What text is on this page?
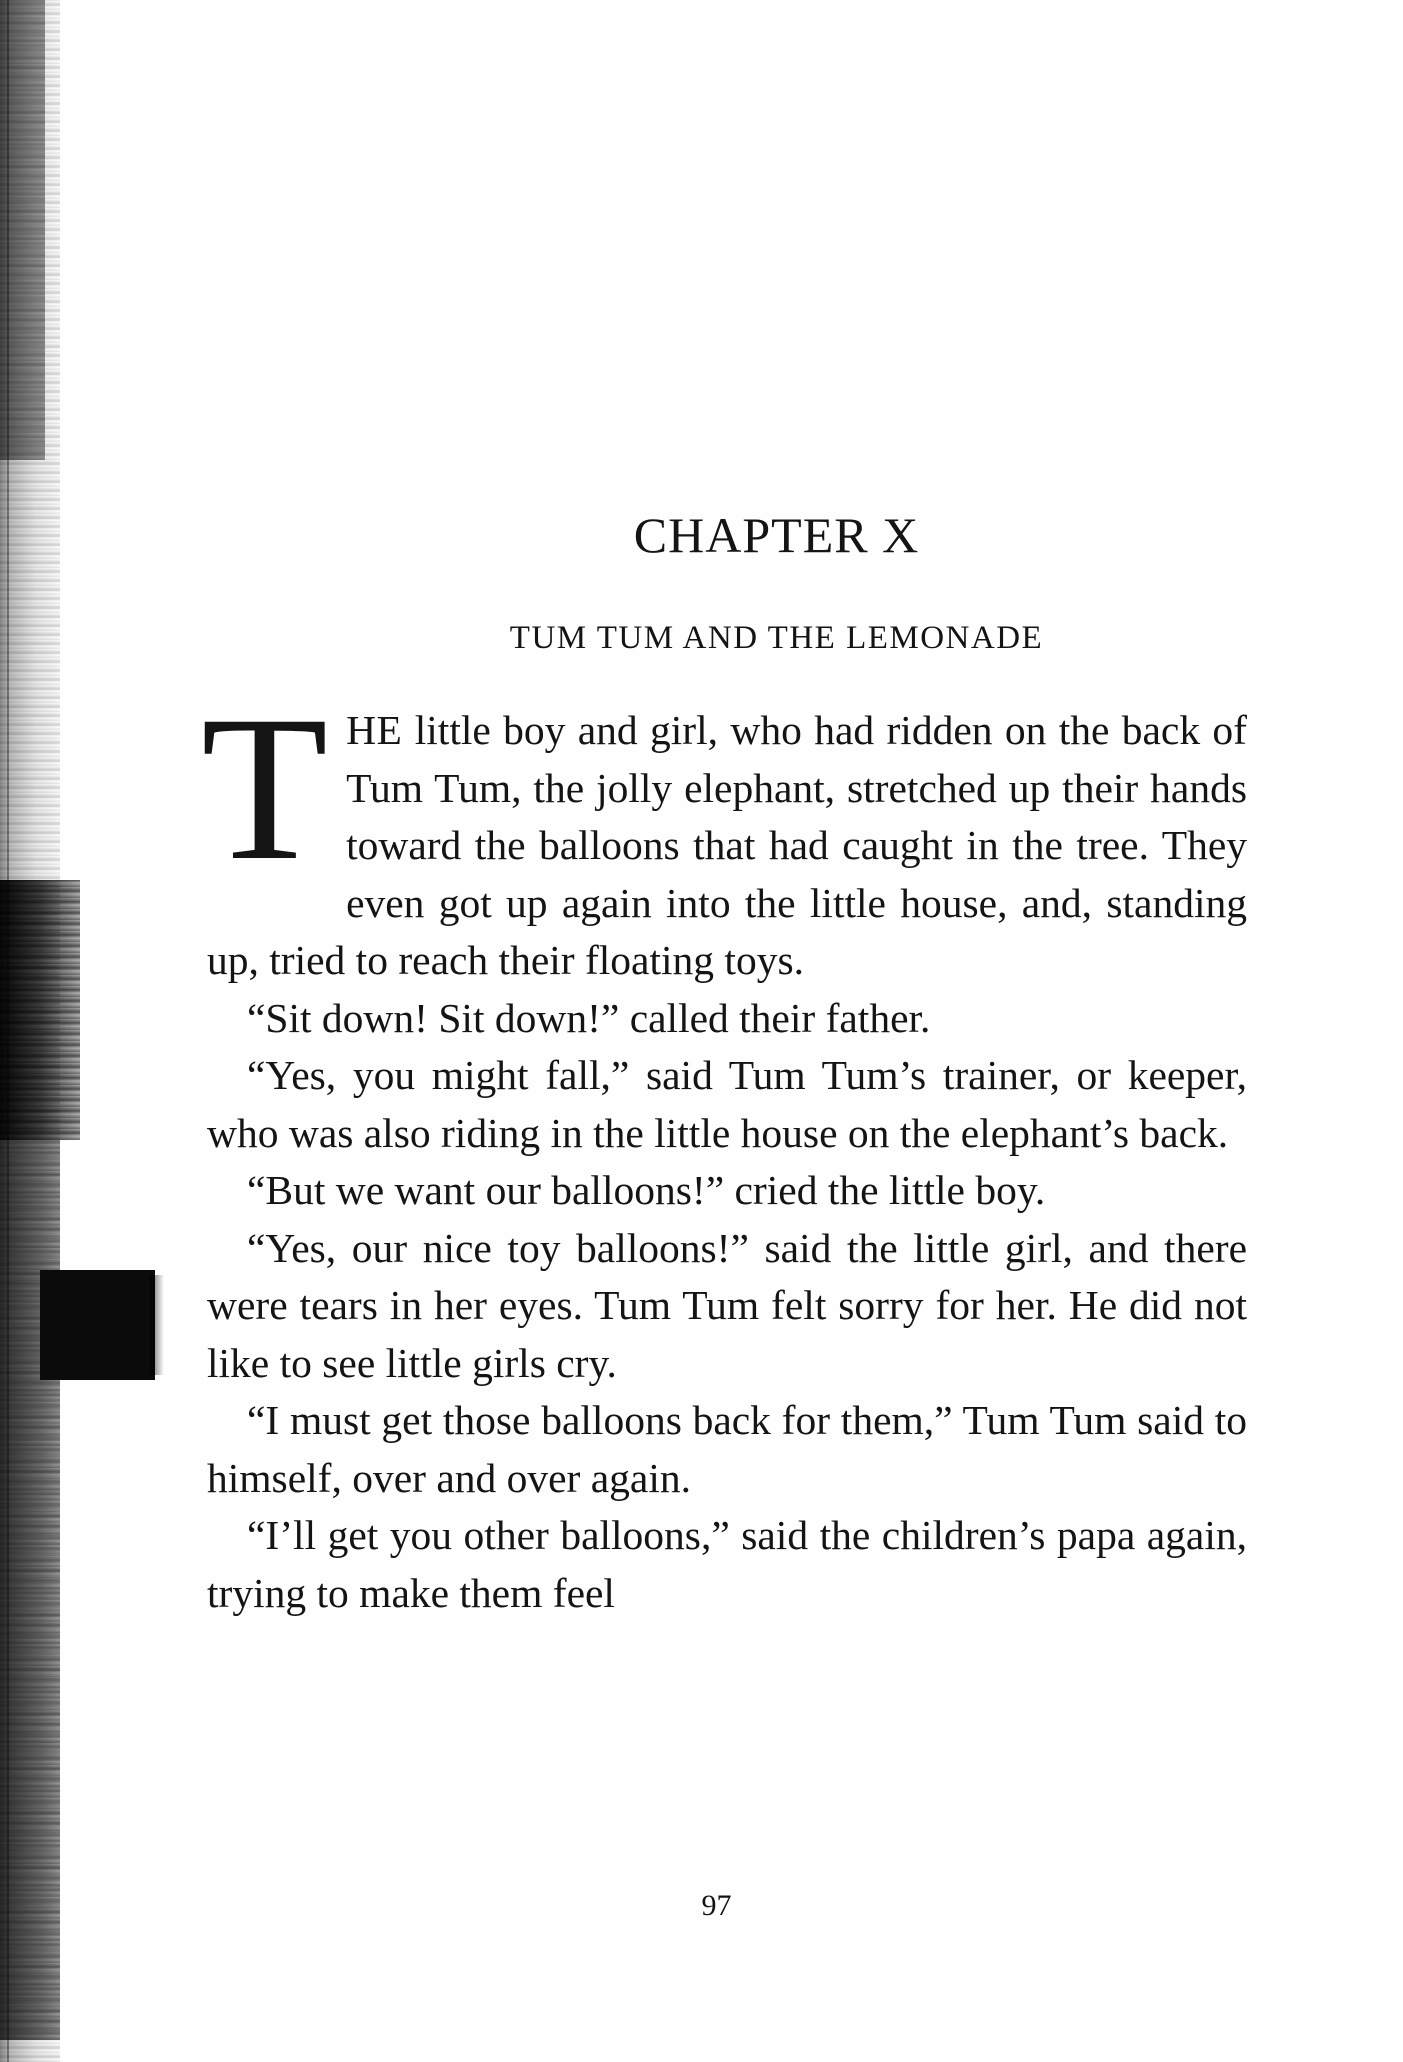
CHAPTER X
TUM TUM AND THE LEMONADE

THE little boy and girl, who had ridden on the back of Tum Tum, the jolly elephant, stretched up their hands toward the balloons that had caught in the tree. They even got up again into the little house, and, standing up, tried to reach their floating toys.

“Sit down! Sit down!” called their father.

“Yes, you might fall,” said Tum Tum’s trainer, or keeper, who was also riding in the little house on the elephant’s back.

“But we want our balloons!” cried the little boy.

“Yes, our nice toy balloons!” said the little girl, and there were tears in her eyes. Tum Tum felt sorry for her. He did not like to see little girls cry.

“I must get those balloons back for them,” Tum Tum said to himself, over and over again.

“I’ll get you other balloons,” said the children’s papa again, trying to make them feel

97
